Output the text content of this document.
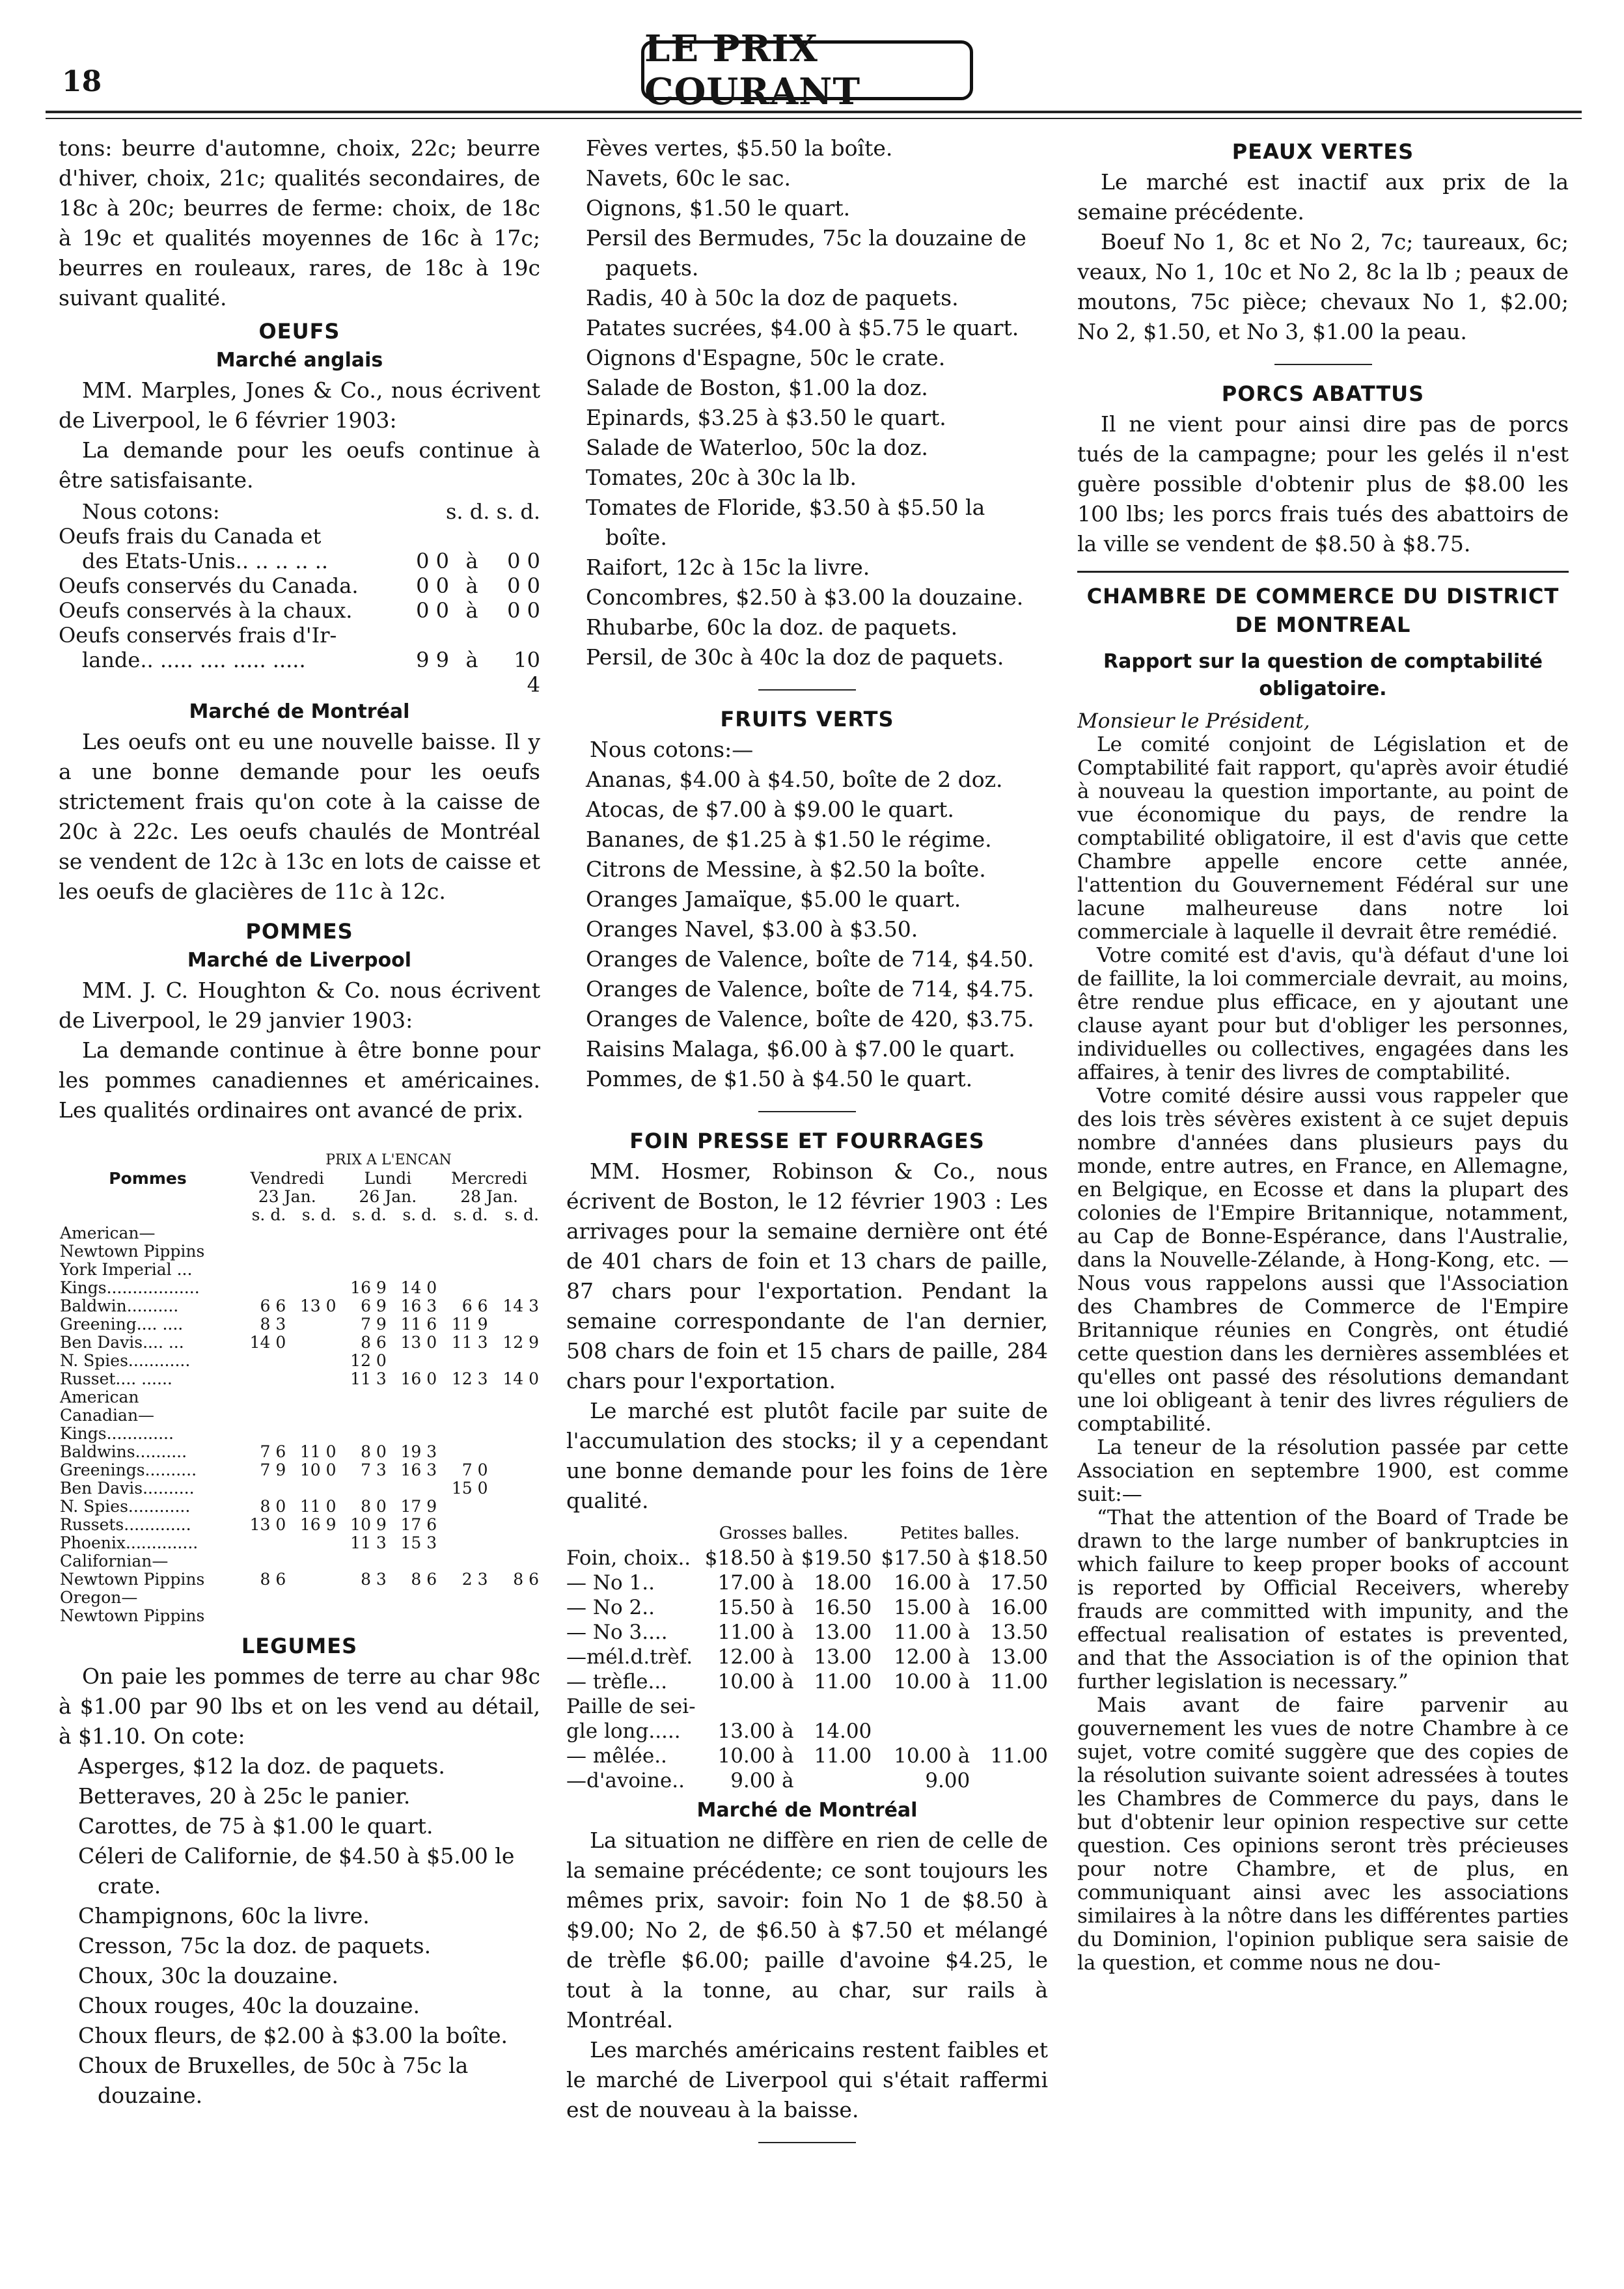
18
LE PRIX COURANT

tons: beurre d'automne, choix, 22c; beurre d'hiver, choix, 21c; qualités secondaires, de 18c à 20c; beurres de ferme: choix, de 18c à 19c et qualités moyennes de 16c à 17c; beurres en rouleaux, rares, de 18c à 19c suivant qualité.

OEUFS
Marché anglais

MM. Marples, Jones & Co., nous écrivent de Liverpool, le 6 février 1903:

La demande pour les oeufs continue à être satisfaisante.

Nous cotons:	s. d. s. d.
Oeufs frais du Canada et
des Etats-Unis.. .. .. .. ..	0 0 à	0 0
Oeufs conservés du Canada.	0 0 à	0 0
Oeufs conservés à la chaux.	0 0 à	0 0
Oeufs conservés frais d'Ir-
lande.. ..... .... ..... .....	9 9 à	10 4
Marché de Montréal

Les oeufs ont eu une nouvelle baisse. Il y a une bonne demande pour les oeufs strictement frais qu'on cote à la caisse de 20c à 22c. Les oeufs chaulés de Montréal se vendent de 12c à 13c en lots de caisse et les oeufs de glacières de 11c à 12c.

POMMES
Marché de Liverpool

MM. J. C. Houghton & Co. nous écrivent de Liverpool, le 29 janvier 1903:

La demande continue à être bonne pour les pommes canadiennes et américaines. Les qualités ordinaires ont avancé de prix.

	PRIX A L'ENCAN					
Pommes	Vendredi		Lundi		Mercredi	
	23 Jan.		26 Jan.		28 Jan.	
	s. d.	s. d.	s. d.	s. d.	s. d.	s. d.
American—						
Newtown Pippins						
York Imperial ...						
Kings..................			16 9	14 0		
Baldwin..........	6 6	13 0	6 9	16 3	6 6	14 3
Greening.... ....	8 3		7 9	11 6	11 9	
Ben Davis.... ...	14 0		8 6	13 0	11 3	12 9
N. Spies............			12 0			
Russet.... ......			11 3	16 0	12 3	14 0
American						
Canadian—						
Kings.............						
Baldwins..........	7 6	11 0	8 0	19 3		
Greenings..........	7 9	10 0	7 3	16 3	7 0	
Ben Davis..........					15 0	
N. Spies............	8 0	11 0	8 0	17 9		
Russets.............	13 0	16 9	10 9	17 6		
Phoenix..............			11 3	15 3		
Californian—						
Newtown Pippins	8 6		8 3	8 6	2 3	8 6
Oregon—						
Newtown Pippins						
LEGUMES

On paie les pommes de terre au char 98c à $1.00 par 90 lbs et on les vend au détail, à $1.10. On cote:

Asperges, $12 la doz. de paquets.

Betteraves, 20 à 25c le panier.

Carottes, de 75 à $1.00 le quart.

Céleri de Californie, de $4.50 à $5.00 le crate.

Champignons, 60c la livre.

Cresson, 75c la doz. de paquets.

Choux, 30c la douzaine.

Choux rouges, 40c la douzaine.

Choux fleurs, de $2.00 à $3.00 la boîte.

Choux de Bruxelles, de 50c à 75c la douzaine.

Fèves vertes, $5.50 la boîte.

Navets, 60c le sac.

Oignons, $1.50 le quart.

Persil des Bermudes, 75c la douzaine de paquets.

Radis, 40 à 50c la doz de paquets.

Patates sucrées, $4.00 à $5.75 le quart.

Oignons d'Espagne, 50c le crate.

Salade de Boston, $1.00 la doz.

Epinards, $3.25 à $3.50 le quart.

Salade de Waterloo, 50c la doz.

Tomates, 20c à 30c la lb.

Tomates de Floride, $3.50 à $5.50 la boîte.

Raifort, 12c à 15c la livre.

Concombres, $2.50 à $3.00 la douzaine.

Rhubarbe, 60c la doz. de paquets.

Persil, de 30c à 40c la doz de paquets.

FRUITS VERTS

Nous cotons:—

Ananas, $4.00 à $4.50, boîte de 2 doz.

Atocas, de $7.00 à $9.00 le quart.

Bananes, de $1.25 à $1.50 le régime.

Citrons de Messine, à $2.50 la boîte.

Oranges Jamaïque, $5.00 le quart.

Oranges Navel, $3.00 à $3.50.

Oranges de Valence, boîte de 714, $4.50.

Oranges de Valence, boîte de 714, $4.75.

Oranges de Valence, boîte de 420, $3.75.

Raisins Malaga, $6.00 à $7.00 le quart.

Pommes, de $1.50 à $4.50 le quart.

FOIN PRESSE ET FOURRAGES

MM. Hosmer, Robinson & Co., nous écrivent de Boston, le 12 février 1903 : Les arrivages pour la semaine dernière ont été de 401 chars de foin et 13 chars de paille, 87 chars pour l'exportation. Pendant la semaine correspondante de l'an dernier, 508 chars de foin et 15 chars de paille, 284 chars pour l'exportation.

Le marché est plutôt facile par suite de l'accumulation des stocks; il y a cependant une bonne demande pour les foins de 1ère qualité.

	Grosses balles.		Petites balles.	
Foin, choix..	$18.50 à	$19.50	$17.50 à	$18.50
— No 1..	17.00 à	18.00	16.00 à	17.50
— No 2..	15.50 à	16.50	15.00 à	16.00
— No 3....	11.00 à	13.00	11.00 à	13.50
—mél.d.trèf.	12.00 à	13.00	12.00 à	13.00
— trèfle...	10.00 à	11.00	10.00 à	11.00
Paille de sei-				
gle long.....	13.00 à	14.00		
— mêlée..	10.00 à	11.00	10.00 à	11.00
—d'avoine..	9.00 à		9.00	
Marché de Montréal

La situation ne diffère en rien de celle de la semaine précédente; ce sont toujours les mêmes prix, savoir: foin No 1 de $8.50 à $9.00; No 2, de $6.50 à $7.50 et mélangé de trèfle $6.00; paille d'avoine $4.25, le tout à la tonne, au char, sur rails à Montréal.

Les marchés américains restent faibles et le marché de Liverpool qui s'était raffermi est de nouveau à la baisse.

PEAUX VERTES

Le marché est inactif aux prix de la semaine précédente.

Boeuf No 1, 8c et No 2, 7c; taureaux, 6c; veaux, No 1, 10c et No 2, 8c la lb ; peaux de moutons, 75c pièce; chevaux No 1, $2.00; No 2, $1.50, et No 3, $1.00 la peau.

PORCS ABATTUS

Il ne vient pour ainsi dire pas de porcs tués de la campagne; pour les gelés il n'est guère possible d'obtenir plus de $8.00 les 100 lbs; les porcs frais tués des abattoirs de la ville se vendent de $8.50 à $8.75.

CHAMBRE DE COMMERCE DU DISTRICT DE MONTREAL
Rapport sur la question de comptabilité obligatoire.

Monsieur le Président,

Le comité conjoint de Législation et de Comptabilité fait rapport, qu'après avoir étudié à nouveau la question importante, au point de vue économique du pays, de rendre la comptabilité obligatoire, il est d'avis que cette Chambre appelle encore cette année, l'attention du Gouvernement Fédéral sur une lacune malheureuse dans notre loi commerciale à laquelle il devrait être remédié.

Votre comité est d'avis, qu'à défaut d'une loi de faillite, la loi commerciale devrait, au moins, être rendue plus efficace, en y ajoutant une clause ayant pour but d'obliger les personnes, individuelles ou collectives, engagées dans les affaires, à tenir des livres de comptabilité.

Votre comité désire aussi vous rappeler que des lois très sévères existent à ce sujet depuis nombre d'années dans plusieurs pays du monde, entre autres, en France, en Allemagne, en Belgique, en Ecosse et dans la plupart des colonies de l'Empire Britannique, notamment, au Cap de Bonne-Espérance, dans l'Australie, dans la Nouvelle-Zélande, à Hong-Kong, etc. — Nous vous rappelons aussi que l'Association des Chambres de Commerce de l'Empire Britannique réunies en Congrès, ont étudié cette question dans les dernières assemblées et qu'elles ont passé des résolutions demandant une loi obligeant à tenir des livres réguliers de comptabilité.

La teneur de la résolution passée par cette Association en septembre 1900, est comme suit:—

“That the attention of the Board of Trade be drawn to the large number of bankruptcies in which failure to keep proper books of account is reported by Official Receivers, whereby frauds are committed with impunity, and the effectual realisation of estates is prevented, and that the Association is of the opinion that further legislation is necessary.”

Mais avant de faire parvenir au gouvernement les vues de notre Chambre à ce sujet, votre comité suggère que des copies de la résolution suivante soient adressées à toutes les Chambres de Commerce du pays, dans le but d'obtenir leur opinion respective sur cette question. Ces opinions seront très précieuses pour notre Chambre, et de plus, en communiquant ainsi avec les associations similaires à la nôtre dans les différentes parties du Dominion, l'opinion publique sera saisie de la question, et comme nous ne dou-
